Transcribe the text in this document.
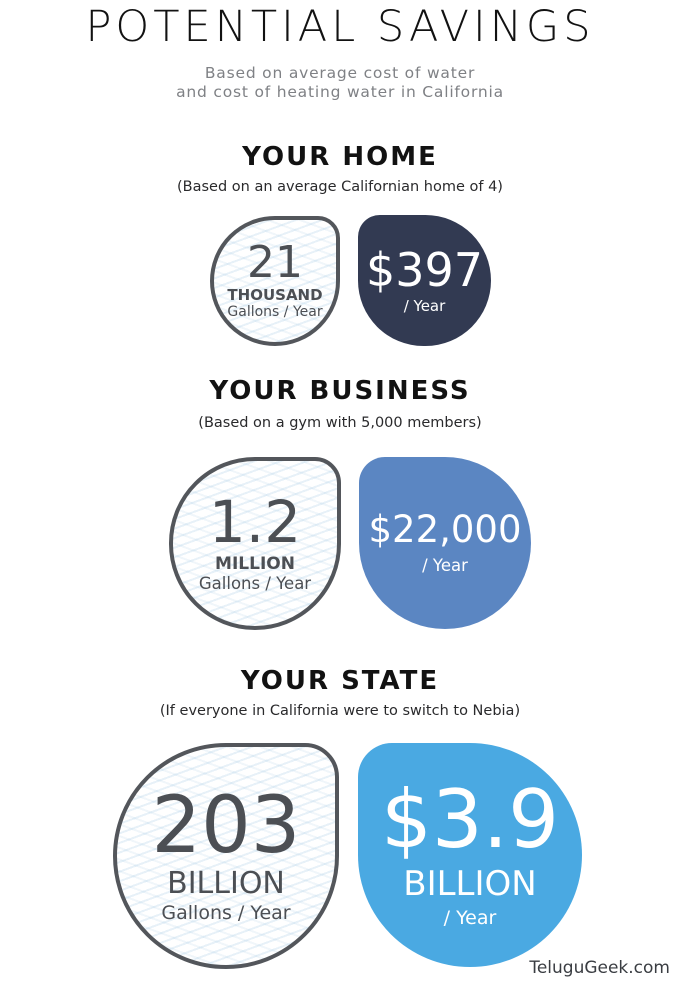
POTENTIAL SAVINGS
Based on average cost of water
and cost of heating water in California
YOUR HOME
(Based on an average Californian home of 4)
21
THOUSAND
Gallons / Year
$397
/ Year
YOUR BUSINESS
(Based on a gym with 5,000 members)
1.2
MILLION
Gallons / Year
$22,000
/ Year
YOUR STATE
(If everyone in California were to switch to Nebia)
203
BILLION
Gallons / Year
$3.9
BILLION
/ Year
TeluguGeek.com
